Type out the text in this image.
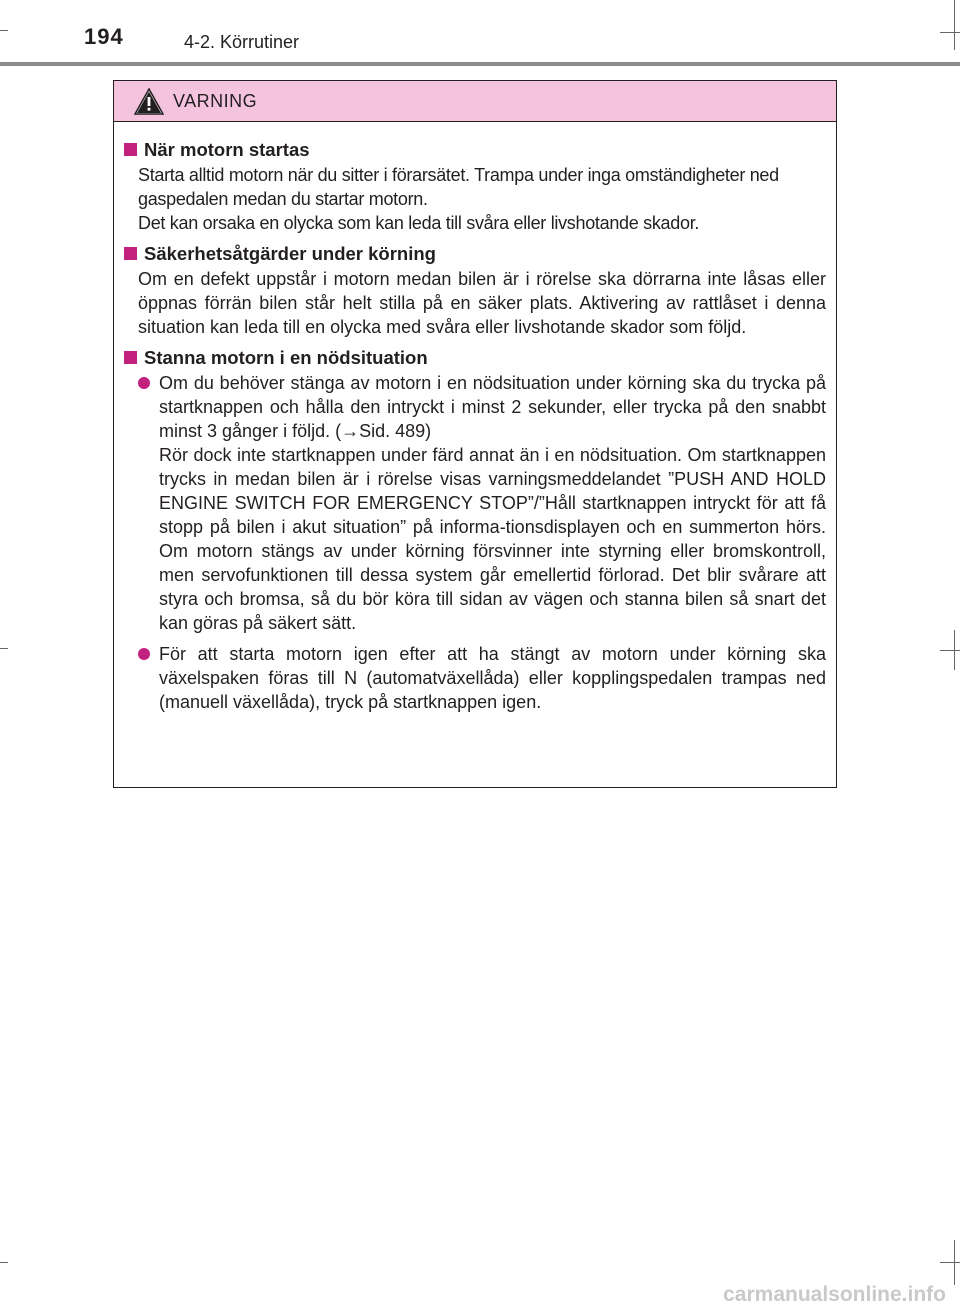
194	4-2. Körrutiner
VARNING
När motorn startas

Starta alltid motorn när du sitter i förarsätet. Trampa under inga omständigheter ned gaspedalen medan du startar motorn.

Det kan orsaka en olycka som kan leda till svåra eller livshotande skador.

Säkerhetsåtgärder under körning

Om en defekt uppstår i motorn medan bilen är i rörelse ska dörrarna inte låsas eller öppnas förrän bilen står helt stilla på en säker plats. Aktivering av rattlåset i denna situation kan leda till en olycka med svåra eller livshotande skador som följd.

Stanna motorn i en nödsituation

Om du behöver stänga av motorn i en nödsituation under körning ska du trycka på startknappen och hålla den intryckt i minst 2 sekunder, eller trycka på den snabbt minst 3 gånger i följd. (→Sid. 489)

Rör dock inte startknappen under färd annat än i en nödsituation. Om startknappen trycks in medan bilen är i rörelse visas varningsmeddelandet ”PUSH AND HOLD ENGINE SWITCH FOR EMERGENCY STOP”/”Håll startknappen intryckt för att få stopp på bilen i akut situation” på informa-tionsdisplayen och en summerton hörs. Om motorn stängs av under körning försvinner inte styrning eller bromskontroll, men servofunktionen till dessa system går emellertid förlorad. Det blir svårare att styra och bromsa, så du bör köra till sidan av vägen och stanna bilen så snart det kan göras på säkert sätt.

För att starta motorn igen efter att ha stängt av motorn under körning ska växelspaken föras till N (automatväxellåda) eller kopplingspedalen trampas ned (manuell växellåda), tryck på startknappen igen.

carmanualsonline.info
